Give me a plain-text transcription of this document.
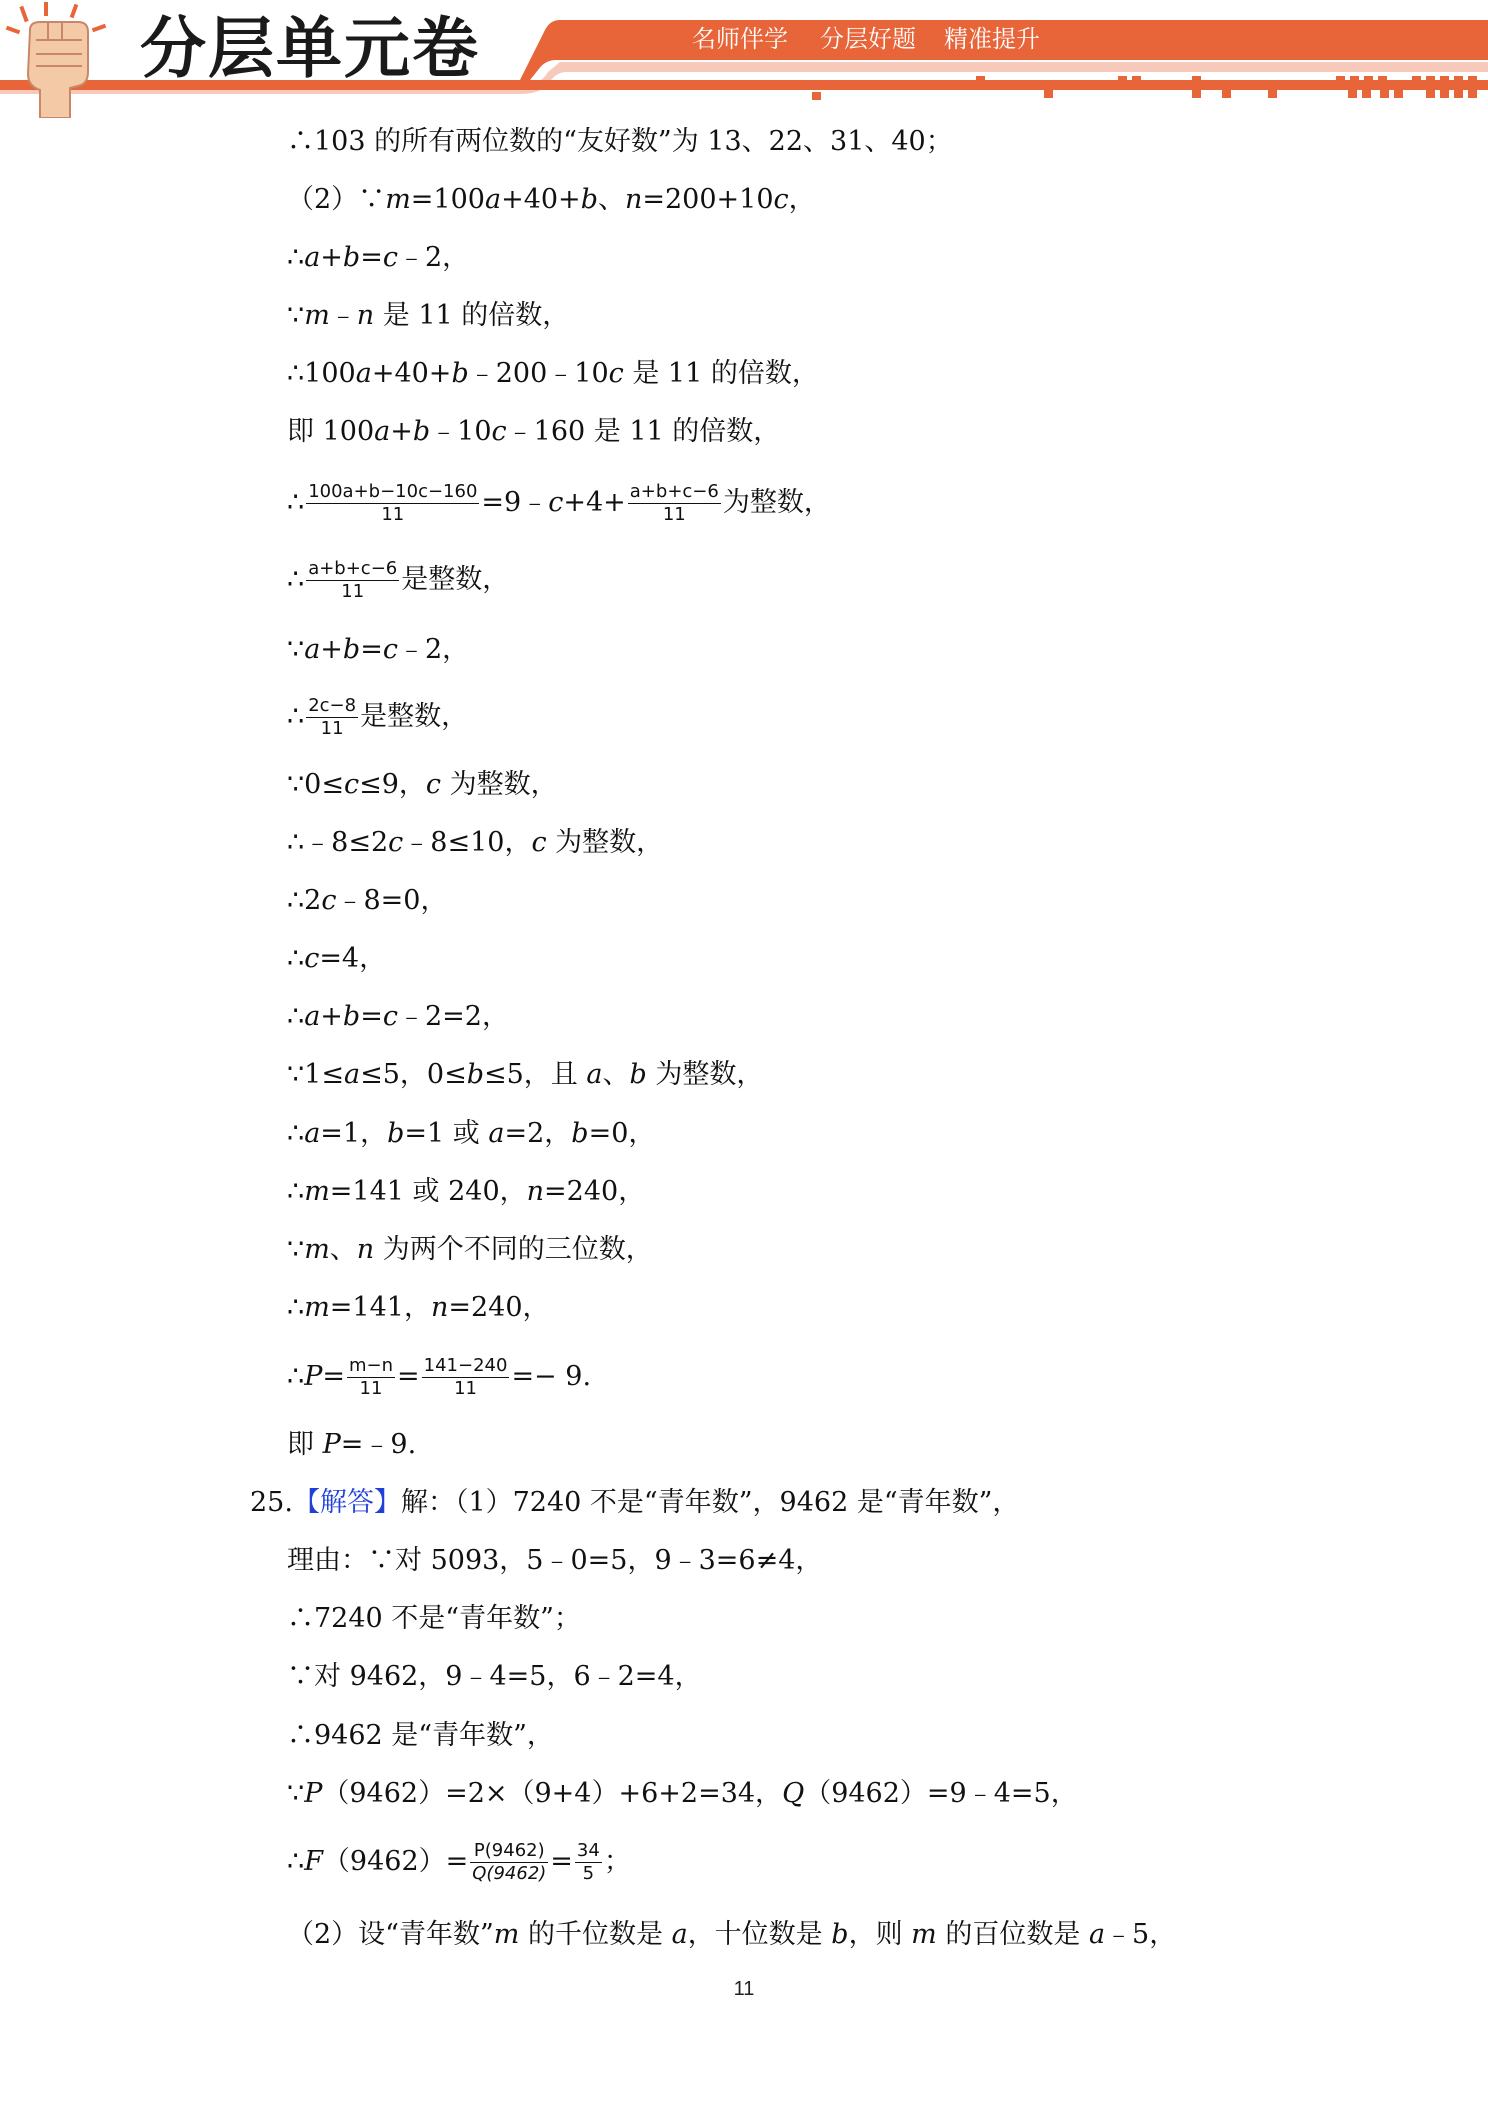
分层单元卷	名师伴学 分层好题 精准提升
∴103 的所有两位数的“友好数”为 13、22、31、40；
（2）∵m=100a+40+b、n=200+10c，
∴a+b=c﹣2，
∵m﹣n 是 11 的倍数，
∴100a+40+b﹣200﹣10c 是 11 的倍数，
即 100a+b﹣10c﹣160 是 11 的倍数，
∴ $\frac{100a+b-10c-160}{11}$ =9﹣c+4+ $\frac{a+b+c-6}{11}$ 为整数，
∴ $\frac{a+b+c-6}{11}$ 是整数，
∵a+b=c﹣2，
∴ $\frac{2c-8}{11}$ 是整数，
∵0≤c≤9，c 为整数，
∴﹣8≤2c﹣8≤10，c 为整数，
∴2c﹣8=0，
∴c=4，
∴a+b=c﹣2=2，
∵1≤a≤5，0≤b≤5，且 a、b 为整数，
∴a=1，b=1 或 a=2，b=0，
∴m=141 或 240，n=240，
∵m、n 为两个不同的三位数，
∴m=141，n=240，
∴P= $\frac{m-n}{11} = \frac{141-240}{11} =- 9$.
即 P=﹣9.
25.【解答】解：（1）7240 不是“青年数”，9462 是“青年数”，
理由：∵对 5093，5﹣0=5，9﹣3=6≠4，
∴7240 不是“青年数”；
∵对 9462，9﹣4=5，6﹣2=4，
∴9462 是“青年数”，
∵P（9462）=2×（9+4）+6+2=34，Q（9462）=9﹣4=5，
∴F（9462）= $\frac{P(9462)}{Q(9462)} = \frac{34}{5}$ ；
（2）设“青年数”m 的千位数是 a，十位数是 b，则 m 的百位数是 a﹣5，
11
